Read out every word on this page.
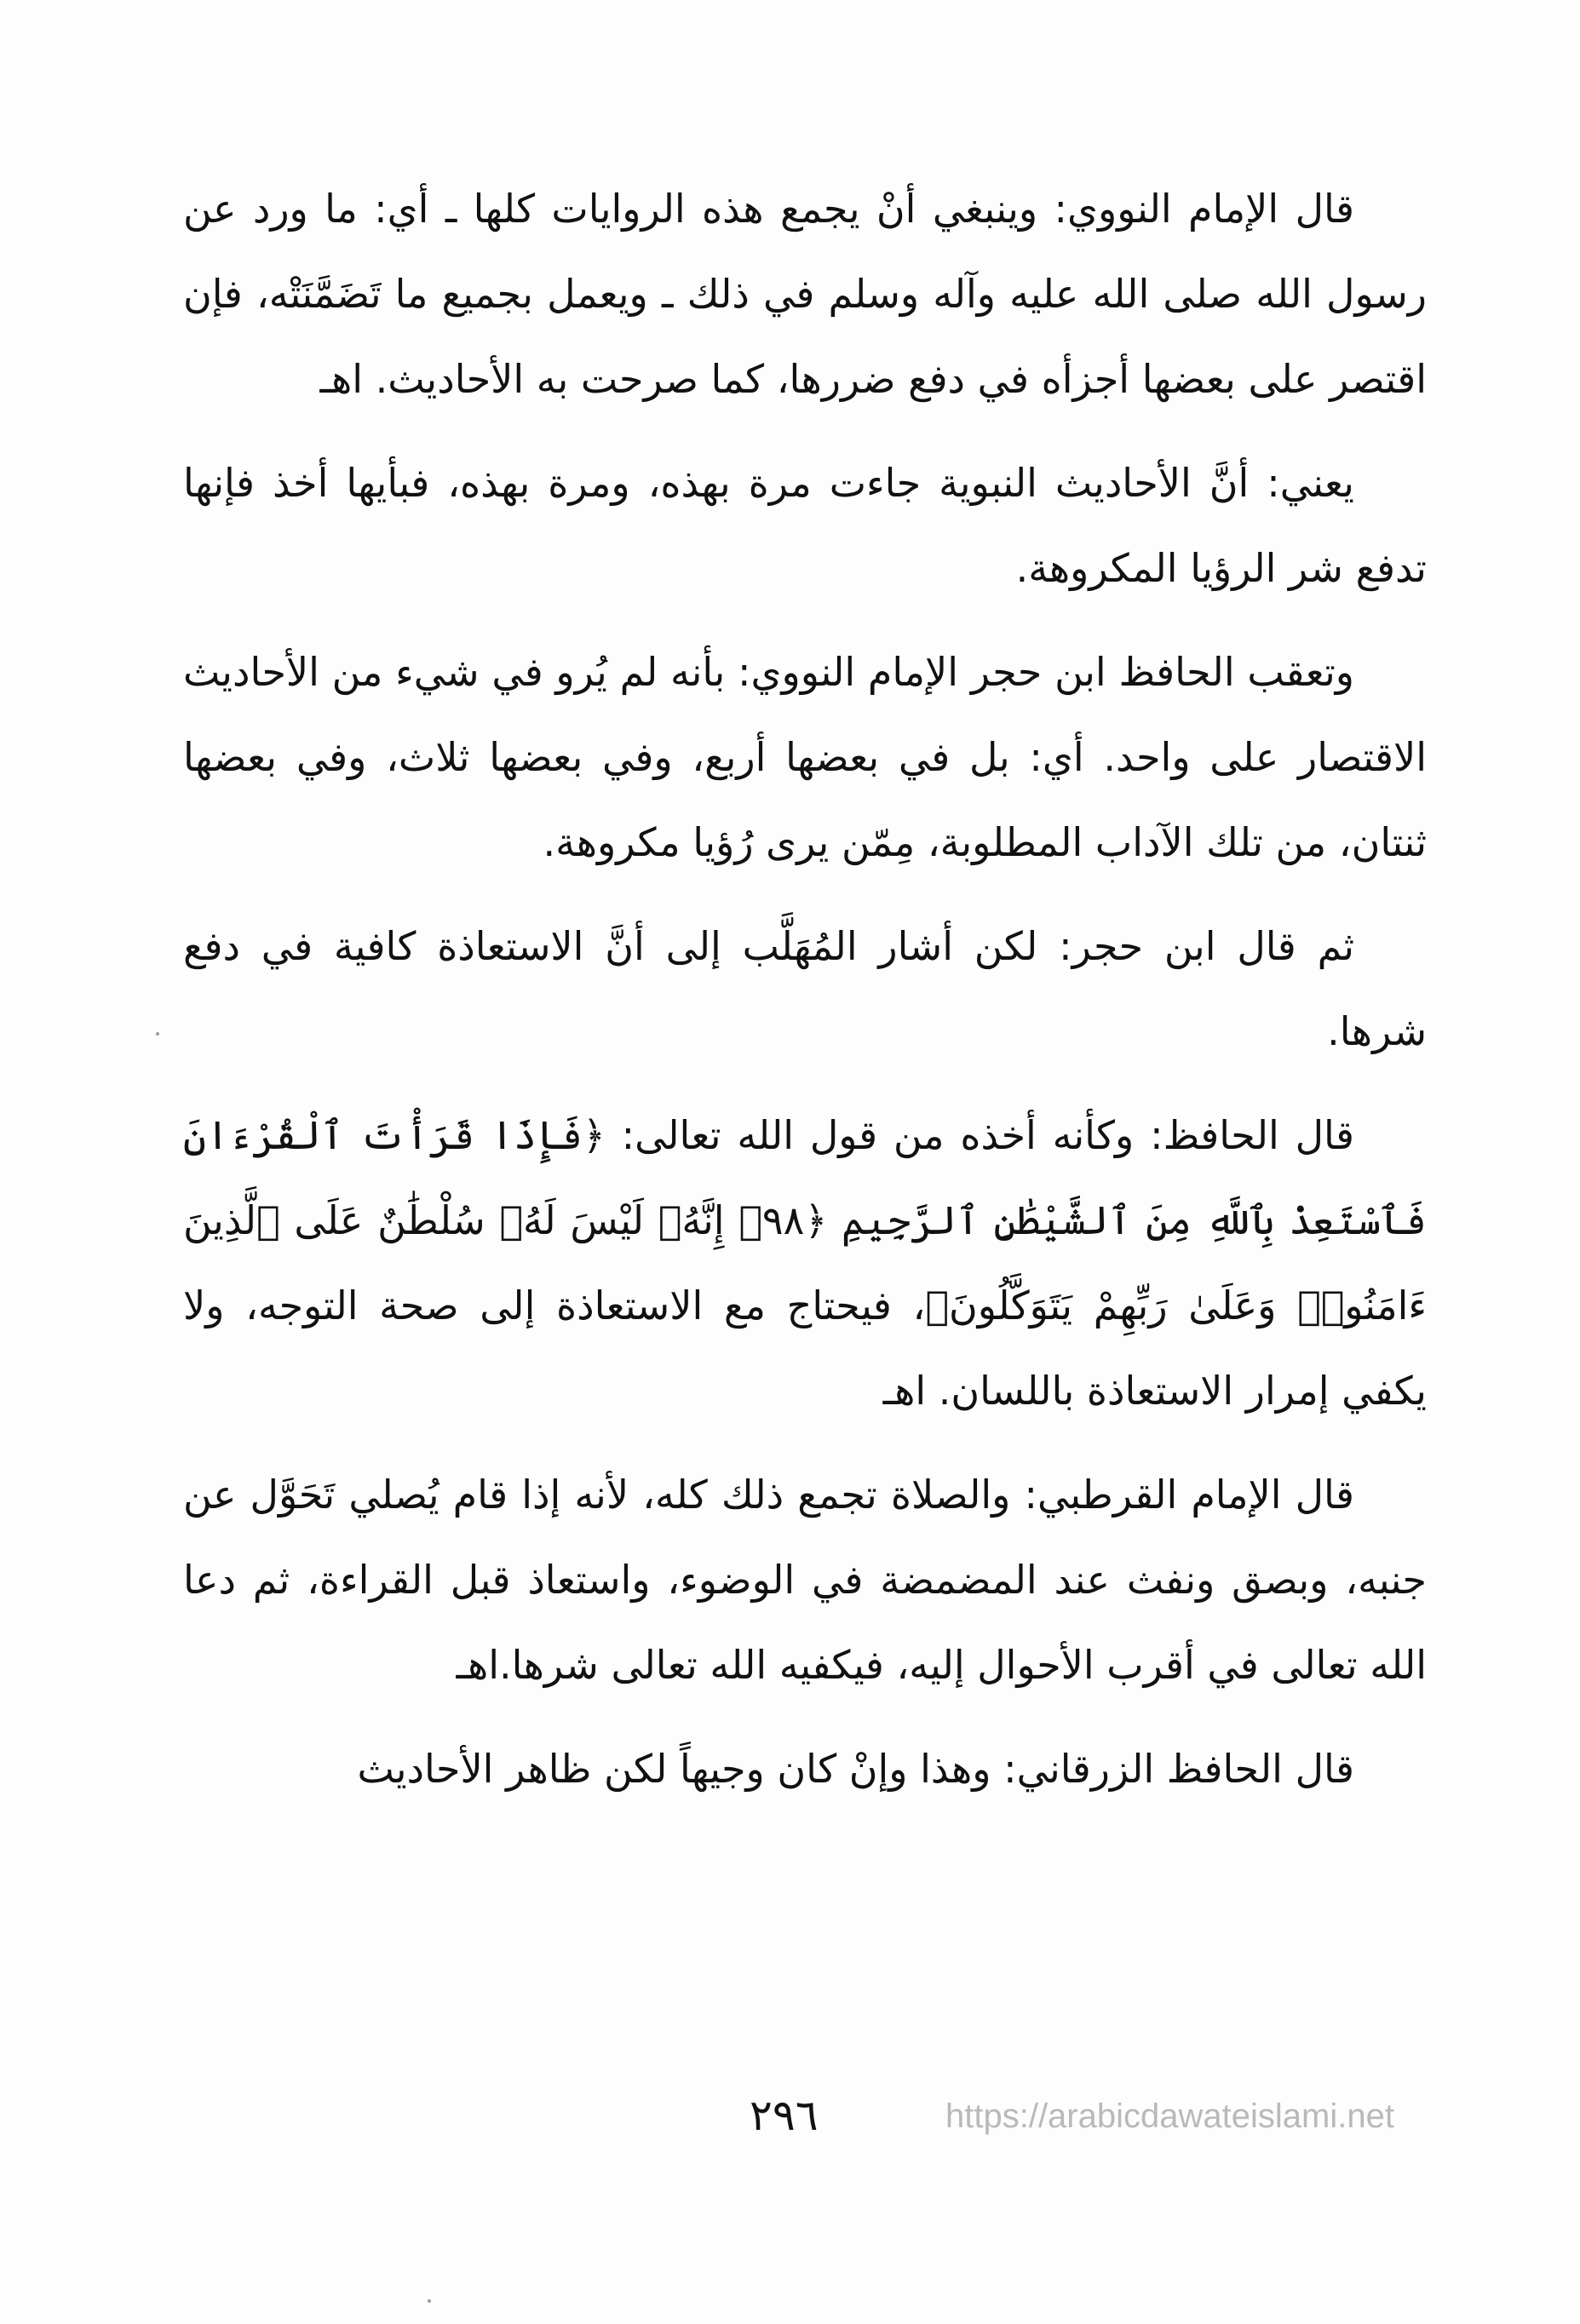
قال الإمام النووي: وينبغي أنْ يجمع هذه الروايات كلها ـ أي: ما ورد عن رسول الله صلى الله عليه وآله وسلم في ذلك ـ ويعمل بجميع ما تَضَمَّنَتْه، فإن اقتصر على بعضها أجزأه في دفع ضررها، كما صرحت به الأحاديث. اهـ

يعني: أنَّ الأحاديث النبوية جاءت مرة بهذه، ومرة بهذه، فبأيها أخذ فإنها تدفع شر الرؤيا المكروهة.

وتعقب الحافظ ابن حجر الإمام النووي: بأنه لم يُرو في شيء من الأحاديث الاقتصار على واحد. أي: بل في بعضها أربع، وفي بعضها ثلاث، وفي بعضها ثنتان، من تلك الآداب المطلوبة، مِمّن يرى رُؤيا مكروهة.

ثم قال ابن حجر: لكن أشار المُهَلَّب إلى أنَّ الاستعاذة كافية في دفع شرها.

قال الحافظ: وكأنه أخذه من قول الله تعالى: ﴿فَإِذَا قَرَأْتَ ٱلْقُرْءَانَ فَٱسْتَعِذْ بِٱللَّهِ مِنَ ٱلشَّيْطَٰنِ ٱلرَّجِيمِ ﴿٩٨﴾ إِنَّهُۥ لَيْسَ لَهُۥ سُلْطَٰنٌ عَلَى ٱلَّذِينَ ءَامَنُوا۟ وَعَلَىٰ رَبِّهِمْ يَتَوَكَّلُونَ﴾، فيحتاج مع الاستعاذة إلى صحة التوجه، ولا يكفي إمرار الاستعاذة باللسان. اهـ

قال الإمام القرطبي: والصلاة تجمع ذلك كله، لأنه إذا قام يُصلي تَحَوَّل عن جنبه، وبصق ونفث عند المضمضة في الوضوء، واستعاذ قبل القراءة، ثم دعا الله تعالى في أقرب الأحوال إليه، فيكفيه الله تعالى شرها.اهـ

قال الحافظ الزرقاني: وهذا وإنْ كان وجيهاً لكن ظاهر الأحاديث

٢٩٦	https://arabicdawateislami.net
